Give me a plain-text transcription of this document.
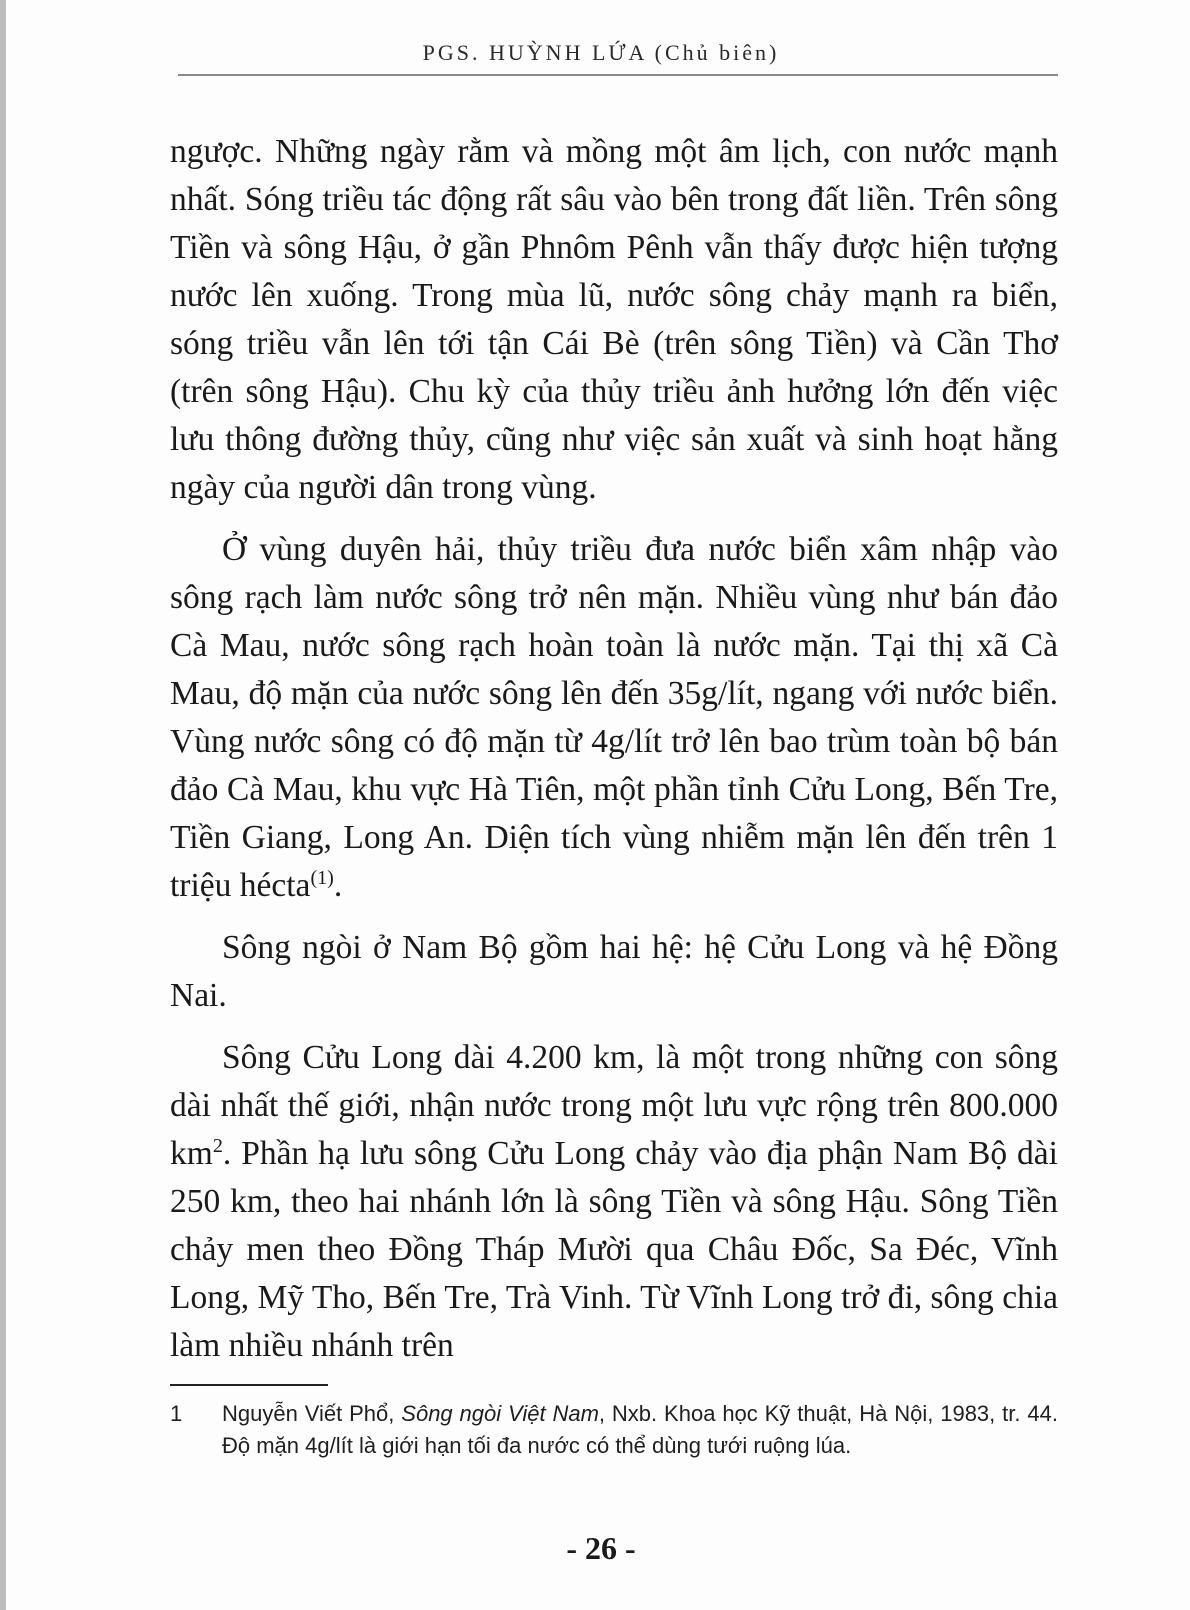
PGS. HUỲNH LỨA (Chủ biên)

ngược. Những ngày rằm và mồng một âm lịch, con nước mạnh nhất. Sóng triều tác động rất sâu vào bên trong đất liền. Trên sông Tiền và sông Hậu, ở gần Phnôm Pênh vẫn thấy được hiện tượng nước lên xuống. Trong mùa lũ, nước sông chảy mạnh ra biển, sóng triều vẫn lên tới tận Cái Bè (trên sông Tiền) và Cần Thơ (trên sông Hậu). Chu kỳ của thủy triều ảnh hưởng lớn đến việc lưu thông đường thủy, cũng như việc sản xuất và sinh hoạt hằng ngày của người dân trong vùng.

Ở vùng duyên hải, thủy triều đưa nước biển xâm nhập vào sông rạch làm nước sông trở nên mặn. Nhiều vùng như bán đảo Cà Mau, nước sông rạch hoàn toàn là nước mặn. Tại thị xã Cà Mau, độ mặn của nước sông lên đến 35g/lít, ngang với nước biển. Vùng nước sông có độ mặn từ 4g/lít trở lên bao trùm toàn bộ bán đảo Cà Mau, khu vực Hà Tiên, một phần tỉnh Cửu Long, Bến Tre, Tiền Giang, Long An. Diện tích vùng nhiễm mặn lên đến trên 1 triệu hécta$^{(1)}$.

Sông ngòi ở Nam Bộ gồm hai hệ: hệ Cửu Long và hệ Đồng Nai.

Sông Cửu Long dài 4.200 km, là một trong những con sông dài nhất thế giới, nhận nước trong một lưu vực rộng trên 800.000 $km^2$. Phần hạ lưu sông Cửu Long chảy vào địa phận Nam Bộ dài 250 km, theo hai nhánh lớn là sông Tiền và sông Hậu. Sông Tiền chảy men theo Đồng Tháp Mười qua Châu Đốc, Sa Đéc, Vĩnh Long, Mỹ Tho, Bến Tre, Trà Vinh. Từ Vĩnh Long trở đi, sông chia làm nhiều nhánh trên

1	Nguyễn Viết Phổ, Sông ngòi Việt Nam, Nxb. Khoa học Kỹ thuật, Hà Nội, 1983, tr. 44. Độ mặn 4g/lít là giới hạn tối đa nước có thể dùng tưới ruộng lúa.
- 26 -
